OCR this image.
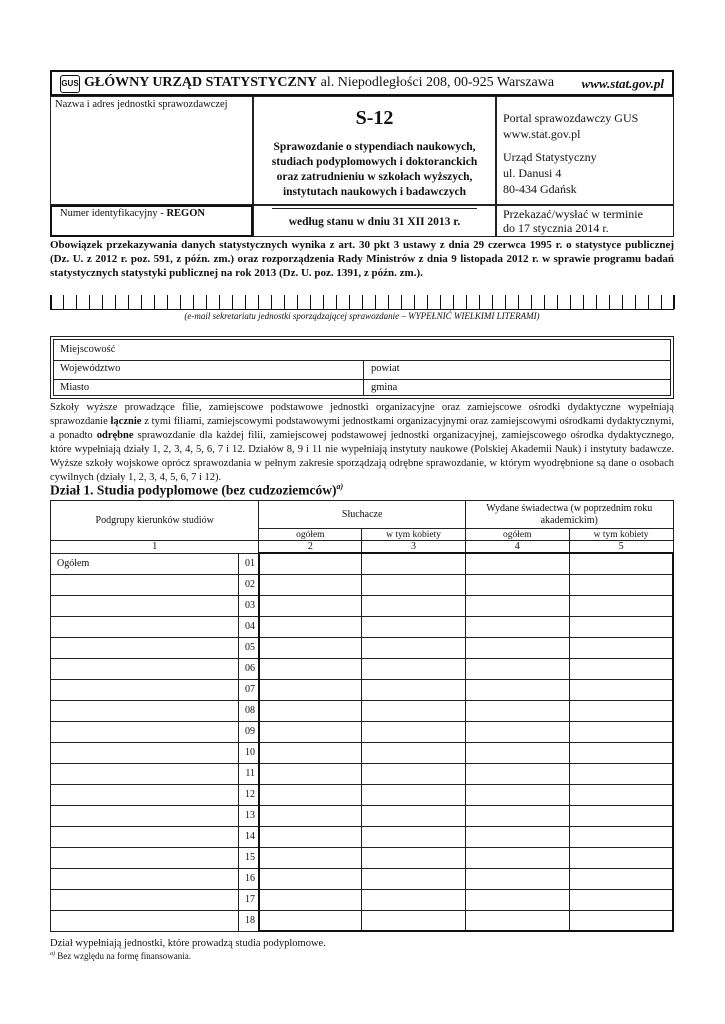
GUS GŁÓWNY URZĄD STATYSTYCZNY al. Niepodległości 208, 00-925 Warszawa www.stat.gov.pl
Nazwa i adres jednostki sprawozdawczej
S-12
Sprawozdanie o stypendiach naukowych, studiach podyplomowych i doktoranckich oraz zatrudnieniu w szkołach wyższych, instytutach naukowych i badawczych
Portal sprawozdawczy GUS
www.stat.gov.pl
Urząd Statystyczny
ul. Danusi 4
80-434 Gdańsk
Numer identyfikacyjny - REGON
według stanu w dniu 31 XII 2013 r.
Przekazać/wysłać w terminie
do 17 stycznia 2014 r.
Obowiązek przekazywania danych statystycznych wynika z art. 30 pkt 3 ustawy z dnia 29 czerwca 1995 r. o statystyce publicznej (Dz. U. z 2012 r. poz. 591, z późn. zm.) oraz rozporządzenia Rady Ministrów z dnia 9 listopada 2012 r. w sprawie programu badań statystycznych statystyki publicznej na rok 2013 (Dz. U. poz. 1391, z późn. zm.).
(e-mail sekretariatu jednostki sporządzającej sprawozdanie – WYPEŁNIĆ WIELKIMI LITERAMI)
Miejscowość
Województwo	powiat
Miasto	gmina
Szkoły wyższe prowadzące filie, zamiejscowe podstawowe jednostki organizacyjne oraz zamiejscowe ośrodki dydaktyczne wypełniają sprawozdanie łącznie z tymi filiami, zamiejscowymi podstawowymi jednostkami organizacyjnymi oraz zamiejscowymi ośrodkami dydaktycznymi, a ponadto odrębne sprawozdanie dla każdej filii, zamiejscowej podstawowej jednostki organizacyjnej, zamiejscowego ośrodka dydaktycznego, które wypełniają działy 1, 2, 3, 4, 5, 6, 7 i 12. Działów 8, 9 i 11 nie wypełniają instytuty naukowe (Polskiej Akademii Nauk) i instytuty badawcze. Wyższe szkoły wojskowe oprócz sprawozdania w pełnym zakresie sporządzają odrębne sprawozdanie, w którym wyodrębnione są dane o osobach cywilnych (działy 1, 2, 3, 4, 5, 6, 7 i 12).
Dział 1. Studia podyplomowe (bez cudzoziemców)$^{a)}$
Podgrupy kierunków studiów		Słuchacze		Wydane świadectwa (w poprzednim roku akademickim)	
		ogółem	w tym kobiety	ogółem	w tym kobiety
1		2	3	4	5
Ogółem	01				
	02				
	03				
	04				
	05				
	06				
	07				
	08				
	09				
	10				
	11				
	12				
	13				
	14				
	15				
	16				
	17				
	18				
Dział wypełniają jednostki, które prowadzą studia podyplomowe.
$^{a)}$ Bez względu na formę finansowania.
